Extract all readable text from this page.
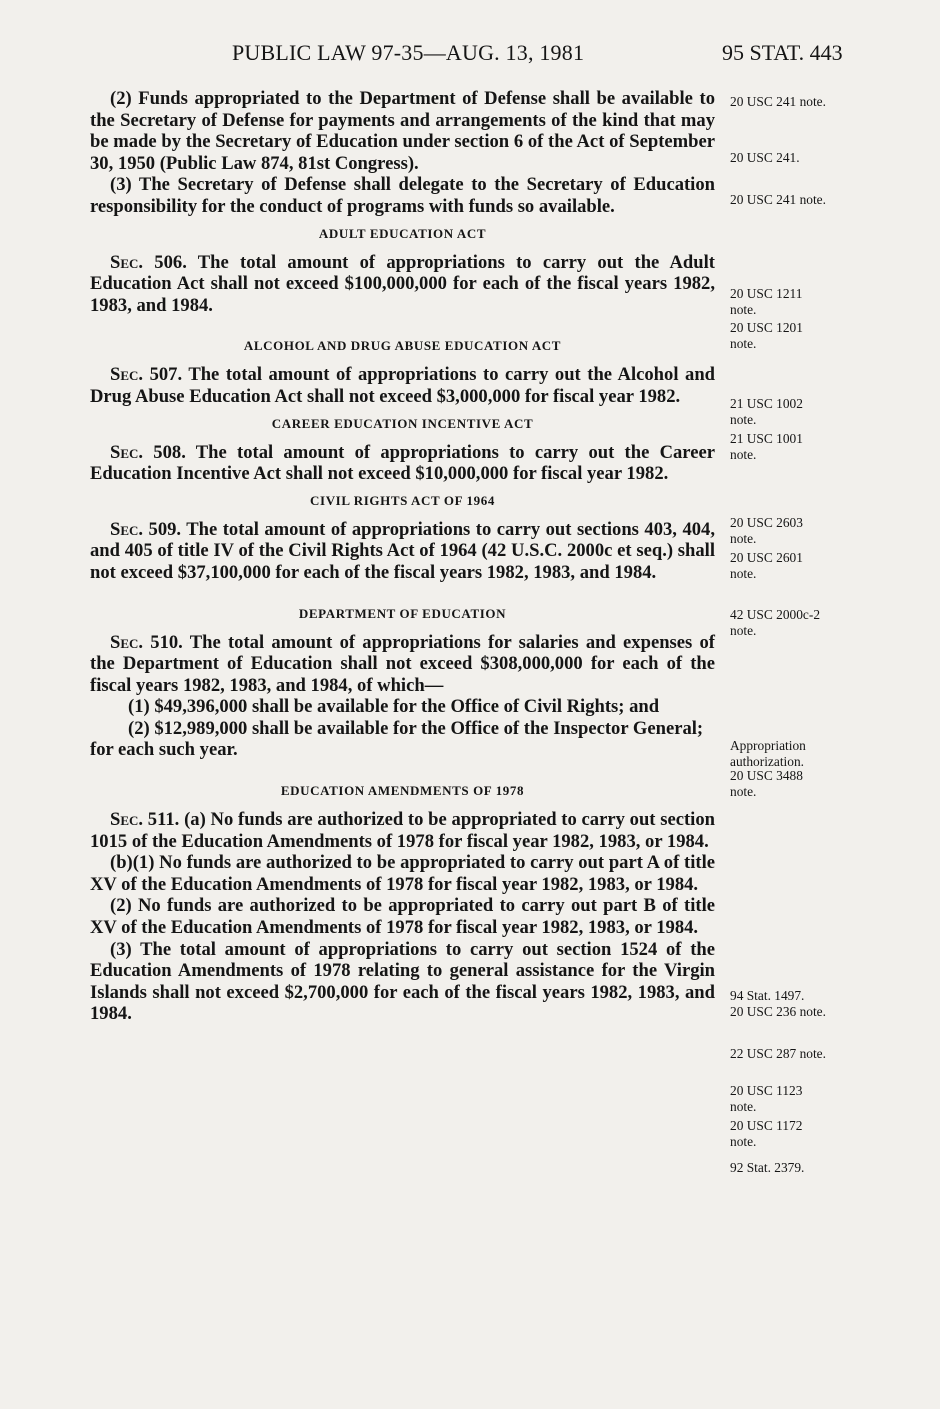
PUBLIC LAW 97-35—AUG. 13, 1981	95 STAT. 443

(2) Funds appropriated to the Department of Defense shall be available to the Secretary of Defense for payments and arrangements of the kind that may be made by the Secretary of Education under section 6 of the Act of September 30, 1950 (Public Law 874, 81st Congress).

(3) The Secretary of Defense shall delegate to the Secretary of Education responsibility for the conduct of programs with funds so available.

ADULT EDUCATION ACT

Sec. 506. The total amount of appropriations to carry out the Adult Education Act shall not exceed $100,000,000 for each of the fiscal years 1982, 1983, and 1984.

ALCOHOL AND DRUG ABUSE EDUCATION ACT

Sec. 507. The total amount of appropriations to carry out the Alcohol and Drug Abuse Education Act shall not exceed $3,000,000 for fiscal year 1982.

CAREER EDUCATION INCENTIVE ACT

Sec. 508. The total amount of appropriations to carry out the Career Education Incentive Act shall not exceed $10,000,000 for fiscal year 1982.

CIVIL RIGHTS ACT OF 1964

Sec. 509. The total amount of appropriations to carry out sections 403, 404, and 405 of title IV of the Civil Rights Act of 1964 (42 U.S.C. 2000c et seq.) shall not exceed $37,100,000 for each of the fiscal years 1982, 1983, and 1984.

DEPARTMENT OF EDUCATION

Sec. 510. The total amount of appropriations for salaries and expenses of the Department of Education shall not exceed $308,000,000 for each of the fiscal years 1982, 1983, and 1984, of which—

(1) $49,396,000 shall be available for the Office of Civil Rights; and

(2) $12,989,000 shall be available for the Office of the Inspector General;

for each such year.

EDUCATION AMENDMENTS OF 1978

Sec. 511. (a) No funds are authorized to be appropriated to carry out section 1015 of the Education Amendments of 1978 for fiscal year 1982, 1983, or 1984.

(b)(1) No funds are authorized to be appropriated to carry out part A of title XV of the Education Amendments of 1978 for fiscal year 1982, 1983, or 1984.

(2) No funds are authorized to be appropriated to carry out part B of title XV of the Education Amendments of 1978 for fiscal year 1982, 1983, or 1984.

(3) The total amount of appropriations to carry out section 1524 of the Education Amendments of 1978 relating to general assistance for the Virgin Islands shall not exceed $2,700,000 for each of the fiscal years 1982, 1983, and 1984.

20 USC 241 note.
20 USC 241.
20 USC 241 note.
20 USC 1211 note.
20 USC 1201 note.
21 USC 1002 note.
21 USC 1001 note.
20 USC 2603 note.
20 USC 2601 note.
42 USC 2000c-2 note.
Appropriation authorization.
20 USC 3488 note.
94 Stat. 1497.
20 USC 236 note.
22 USC 287 note.
20 USC 1123 note.
20 USC 1172 note.
92 Stat. 2379.
